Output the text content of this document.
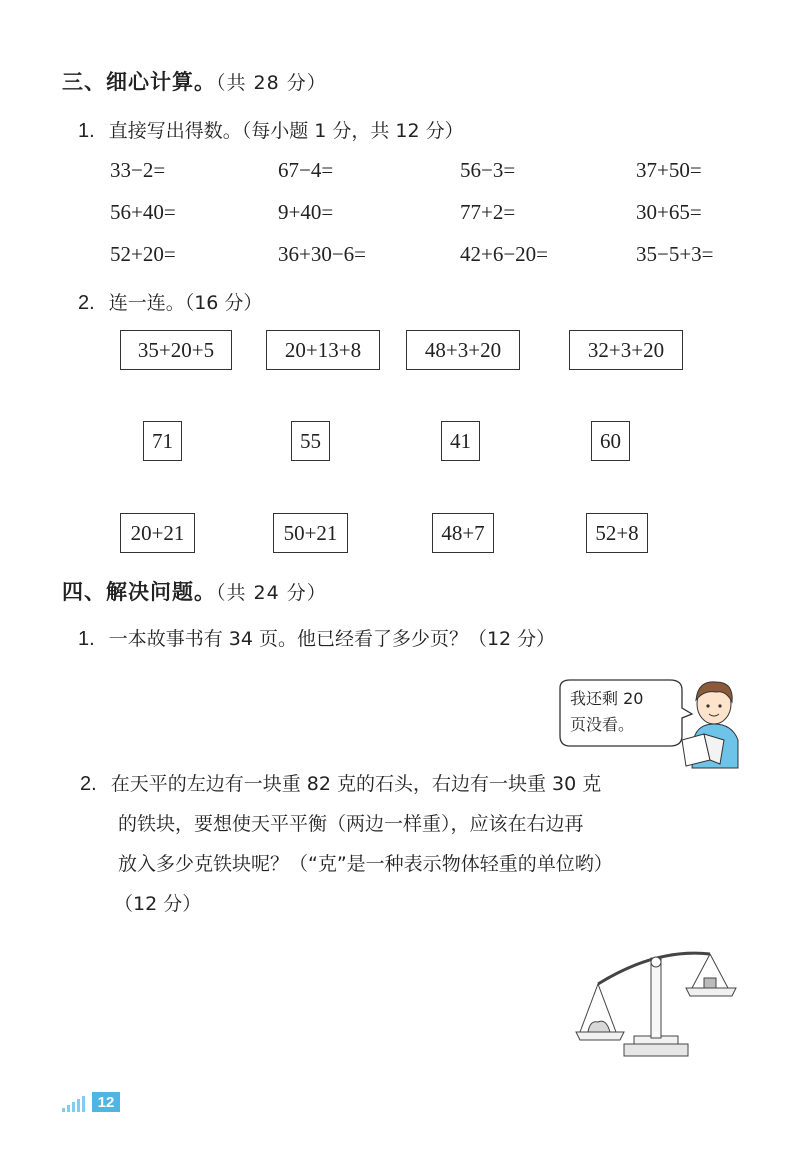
三、细心计算。（共 28 分）
1. 直接写出得数。（每小题 1 分，共 12 分）
33−2=	67−4=	56−3=	37+50=
56+40=	9+40=	77+2=	30+65=
52+20=	36+30−6=	42+6−20=	35−5+3=
2. 连一连。（16 分）
35+20+5	20+13+8	48+3+20	32+3+20
71	55	41	60
20+21	50+21	48+7	52+8
四、解决问题。（共 24 分）
1. 一本故事书有 34 页。他已经看了多少页？（12 分）
我还剩 20
页没看。
2. 在天平的左边有一块重 82 克的石头，右边有一块重 30 克
的铁块，要想使天平平衡（两边一样重），应该在右边再
放入多少克铁块呢？（“克”是一种表示物体轻重的单位哟）
（12 分）
12
